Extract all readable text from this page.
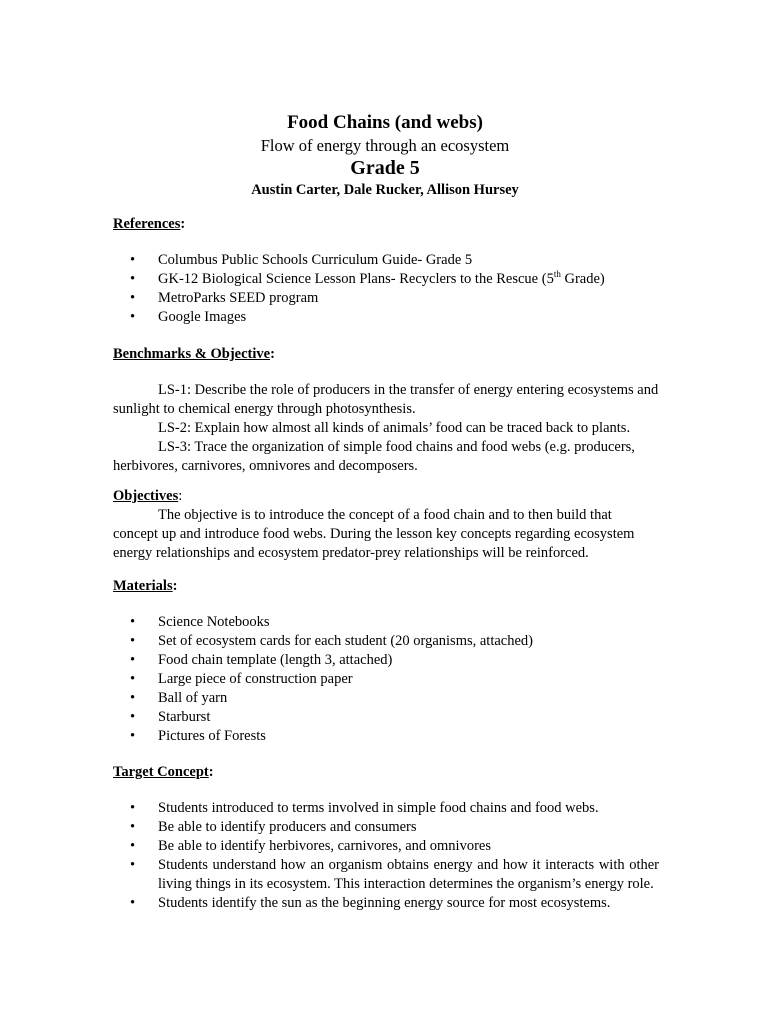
Food Chains (and webs)
Flow of energy through an ecosystem
Grade 5
Austin Carter, Dale Rucker, Allison Hursey
References:
• Columbus Public Schools Curriculum Guide- Grade 5
• GK-12 Biological Science Lesson Plans- Recyclers to the Rescue (5th Grade)
• MetroParks SEED program
• Google Images
Benchmarks & Objective:

LS-1: Describe the role of producers in the transfer of energy entering ecosystems and sunlight to chemical energy through photosynthesis.

LS-2: Explain how almost all kinds of animals’ food can be traced back to plants.

LS-3: Trace the organization of simple food chains and food webs (e.g. producers, herbivores, carnivores, omnivores and decomposers.

Objectives:

The objective is to introduce the concept of a food chain and to then build that concept up and introduce food webs. During the lesson key concepts regarding ecosystem energy relationships and ecosystem predator-prey relationships will be reinforced.

Materials:
• Science Notebooks
• Set of ecosystem cards for each student (20 organisms, attached)
• Food chain template (length 3, attached)
• Large piece of construction paper
• Ball of yarn
• Starburst
• Pictures of Forests
Target Concept:
• Students introduced to terms involved in simple food chains and food webs.
• Be able to identify producers and consumers
• Be able to identify herbivores, carnivores, and omnivores
• Students understand how an organism obtains energy and how it interacts with other living things in its ecosystem. This interaction determines the organism’s energy role.
• Students identify the sun as the beginning energy source for most ecosystems.
